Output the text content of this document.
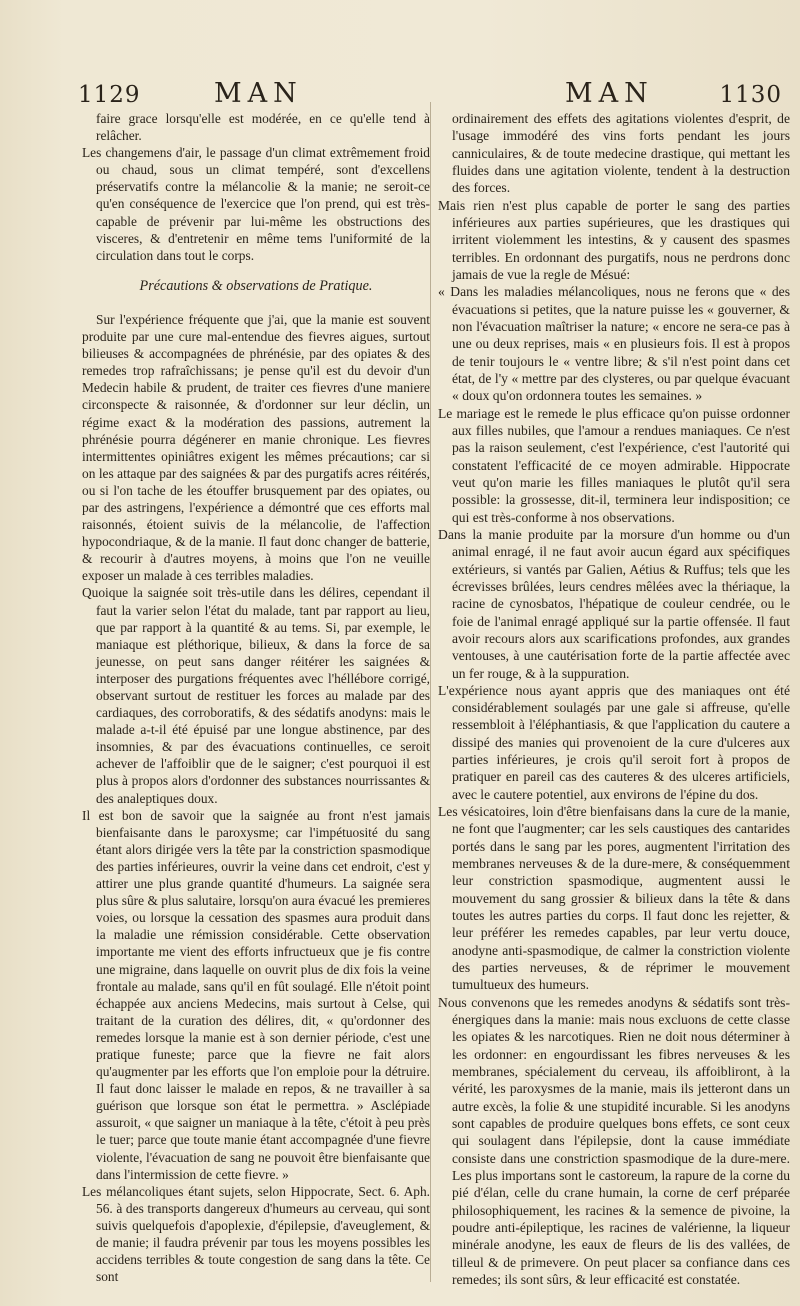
1129	MAN	MAN	1130

faire grace lorsqu'elle est modérée, en ce qu'elle tend à relâcher.

Les changemens d'air, le passage d'un climat extrêmement froid ou chaud, sous un climat tempéré, sont d'excellens préservatifs contre la mélancolie & la manie; ne seroit-ce qu'en conséquence de l'exercice que l'on prend, qui est très-capable de prévenir par lui-même les obstructions des visceres, & d'entretenir en même tems l'uniformité de la circulation dans tout le corps.

Précautions & observations de Pratique.

Sur l'expérience fréquente que j'ai, que la manie est souvent produite par une cure mal-entendue des fievres aigues, surtout bilieuses & accompagnées de phrénésie, par des opiates & des remedes trop rafraîchissans; je pense qu'il est du devoir d'un Medecin habile & prudent, de traiter ces fievres d'une maniere circonspecte & raisonnée, & d'ordonner sur leur déclin, un régime exact & la modération des passions, autrement la phrénésie pourra dégénerer en manie chronique. Les fievres intermittentes opiniâtres exigent les mêmes précautions; car si on les attaque par des saignées & par des purgatifs acres réitérés, ou si l'on tache de les étouffer brusquement par des opiates, ou par des astringens, l'expérience a démontré que ces efforts mal raisonnés, étoient suivis de la mélancolie, de l'affection hypocondriaque, & de la manie. Il faut donc changer de batterie, & recourir à d'autres moyens, à moins que l'on ne veuille exposer un malade à ces terribles maladies.

Quoique la saignée soit très-utile dans les délires, cependant il faut la varier selon l'état du malade, tant par rapport au lieu, que par rapport à la quantité & au tems. Si, par exemple, le maniaque est pléthorique, bilieux, & dans la force de sa jeunesse, on peut sans danger réitérer les saignées & interposer des purgations fréquentes avec l'héllébore corrigé, observant surtout de restituer les forces au malade par des cardiaques, des corroboratifs, & des sédatifs anodyns: mais le malade a-t-il été épuisé par une longue abstinence, par des insomnies, & par des évacuations continuelles, ce seroit achever de l'affoiblir que de le saigner; c'est pourquoi il est plus à propos alors d'ordonner des substances nourrissantes & des analeptiques doux.

Il est bon de savoir que la saignée au front n'est jamais bienfaisante dans le paroxysme; car l'impétuosité du sang étant alors dirigée vers la tête par la constriction spasmodique des parties inférieures, ouvrir la veine dans cet endroit, c'est y attirer une plus grande quantité d'humeurs. La saignée sera plus sûre & plus salutaire, lorsqu'on aura évacué les premieres voies, ou lorsque la cessation des spasmes aura produit dans la maladie une rémission considérable. Cette observation importante me vient des efforts infructueux que je fis contre une migraine, dans laquelle on ouvrit plus de dix fois la veine frontale au malade, sans qu'il en fût soulagé. Elle n'étoit point échappée aux anciens Medecins, mais surtout à Celse, qui traitant de la curation des délires, dit, « qu'ordonner des remedes lorsque la manie est à son dernier période, c'est une pratique funeste; parce que la fievre ne fait alors qu'augmenter par les efforts que l'on emploie pour la détruire. Il faut donc laisser le malade en repos, & ne travailler à sa guérison que lorsque son état le permettra. » Asclépiade assuroit, « que saigner un maniaque à la tête, c'étoit à peu près le tuer; parce que toute manie étant accompagnée d'une fievre violente, l'évacuation de sang ne pouvoit être bienfaisante que dans l'intermission de cette fievre. »

Les mélancoliques étant sujets, selon Hippocrate, Sect. 6. Aph. 56. à des transports dangereux d'humeurs au cerveau, qui sont suivis quelquefois d'apoplexie, d'épilepsie, d'aveuglement, & de manie; il faudra prévenir par tous les moyens possibles les accidens terribles & toute congestion de sang dans la tête. Ce sont

ordinairement des effets des agitations violentes d'esprit, de l'usage immodéré des vins forts pendant les jours canniculaires, & de toute medecine drastique, qui mettant les fluides dans une agitation violente, tendent à la destruction des forces.

Mais rien n'est plus capable de porter le sang des parties inférieures aux parties supérieures, que les drastiques qui irritent violemment les intestins, & y causent des spasmes terribles. En ordonnant des purgatifs, nous ne perdrons donc jamais de vue la regle de Mésué:

« Dans les maladies mélancoliques, nous ne ferons que « des évacuations si petites, que la nature puisse les « gouverner, & non l'évacuation maîtriser la nature; « encore ne sera-ce pas à une ou deux reprises, mais « en plusieurs fois. Il est à propos de tenir toujours le « ventre libre; & s'il n'est point dans cet état, de l'y « mettre par des clysteres, ou par quelque évacuant « doux qu'on ordonnera toutes les semaines. »

Le mariage est le remede le plus efficace qu'on puisse ordonner aux filles nubiles, que l'amour a rendues maniaques. Ce n'est pas la raison seulement, c'est l'expérience, c'est l'autorité qui constatent l'efficacité de ce moyen admirable. Hippocrate veut qu'on marie les filles maniaques le plutôt qu'il sera possible: la grossesse, dit-il, terminera leur indisposition; ce qui est très-conforme à nos observations.

Dans la manie produite par la morsure d'un homme ou d'un animal enragé, il ne faut avoir aucun égard aux spécifiques extérieurs, si vantés par Galien, Aétius & Ruffus; tels que les écrevisses brûlées, leurs cendres mêlées avec la thériaque, la racine de cynosbatos, l'hépatique de couleur cendrée, ou le foie de l'animal enragé appliqué sur la partie offensée. Il faut avoir recours alors aux scarifications profondes, aux grandes ventouses, à une cautérisation forte de la partie affectée avec un fer rouge, & à la suppuration.

L'expérience nous ayant appris que des maniaques ont été considérablement soulagés par une gale si affreuse, qu'elle ressembloit à l'éléphantiasis, & que l'application du cautere a dissipé des manies qui provenoient de la cure d'ulceres aux parties inférieures, je crois qu'il seroit fort à propos de pratiquer en pareil cas des cauteres & des ulceres artificiels, avec le cautere potentiel, aux environs de l'épine du dos.

Les vésicatoires, loin d'être bienfaisans dans la cure de la manie, ne font que l'augmenter; car les sels caustiques des cantarides portés dans le sang par les pores, augmentent l'irritation des membranes nerveuses & de la dure-mere, & conséquemment leur constriction spasmodique, augmentent aussi le mouvement du sang grossier & bilieux dans la tête & dans toutes les autres parties du corps. Il faut donc les rejetter, & leur préférer les remedes capables, par leur vertu douce, anodyne anti-spasmodique, de calmer la constriction violente des parties nerveuses, & de réprimer le mouvement tumultueux des humeurs.

Nous convenons que les remedes anodyns & sédatifs sont très-énergiques dans la manie: mais nous excluons de cette classe les opiates & les narcotiques. Rien ne doit nous déterminer à les ordonner: en engourdissant les fibres nerveuses & les membranes, spécialement du cerveau, ils affoibliront, à la vérité, les paroxysmes de la manie, mais ils jetteront dans un autre excès, la folie & une stupidité incurable. Si les anodyns sont capables de produire quelques bons effets, ce sont ceux qui soulagent dans l'épilepsie, dont la cause immédiate consiste dans une constriction spasmodique de la dure-mere. Les plus importans sont le castoreum, la rapure de la corne du pié d'élan, celle du crane humain, la corne de cerf préparée philosophiquement, les racines & la semence de pivoine, la poudre anti-épileptique, les racines de valérienne, la liqueur minérale anodyne, les eaux de fleurs de lis des vallées, de tilleul & de primevere. On peut placer sa confiance dans ces remedes; ils sont sûrs, & leur efficacité est constatée.
